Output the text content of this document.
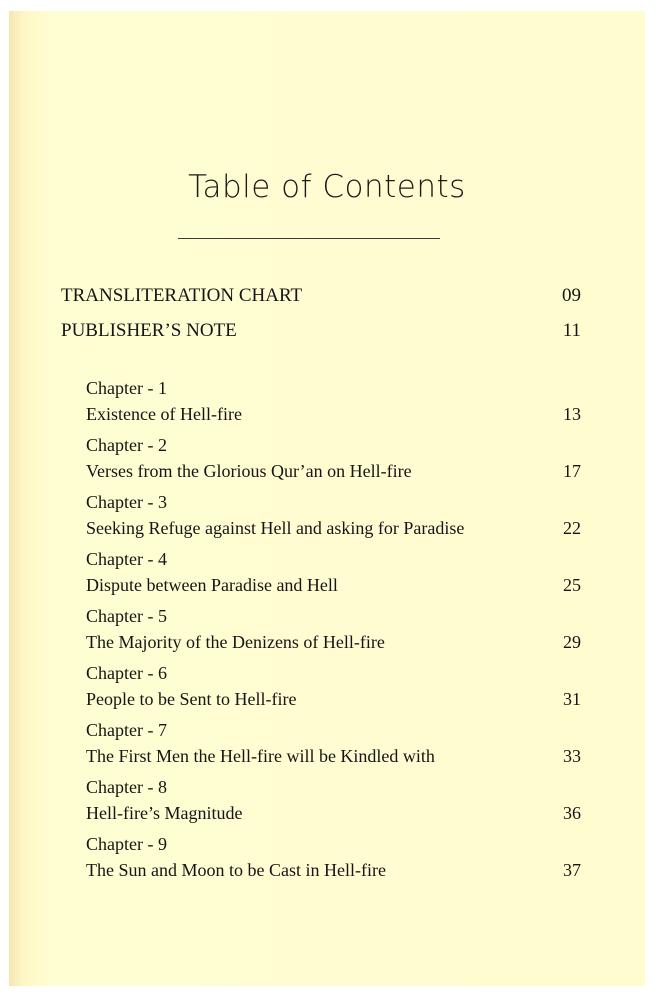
Table of Contents
TRANSLITERATION CHART	09
PUBLISHER’S NOTE	11
Chapter - 1
Existence of Hell-fire	13
Chapter - 2
Verses from the Glorious Qur’an on Hell-fire	17
Chapter - 3
Seeking Refuge against Hell and asking for Paradise	22
Chapter - 4
Dispute between Paradise and Hell	25
Chapter - 5
The Majority of the Denizens of Hell-fire	29
Chapter - 6
People to be Sent to Hell-fire	31
Chapter - 7
The First Men the Hell-fire will be Kindled with	33
Chapter - 8
Hell-fire’s Magnitude	36
Chapter - 9
The Sun and Moon to be Cast in Hell-fire	37
